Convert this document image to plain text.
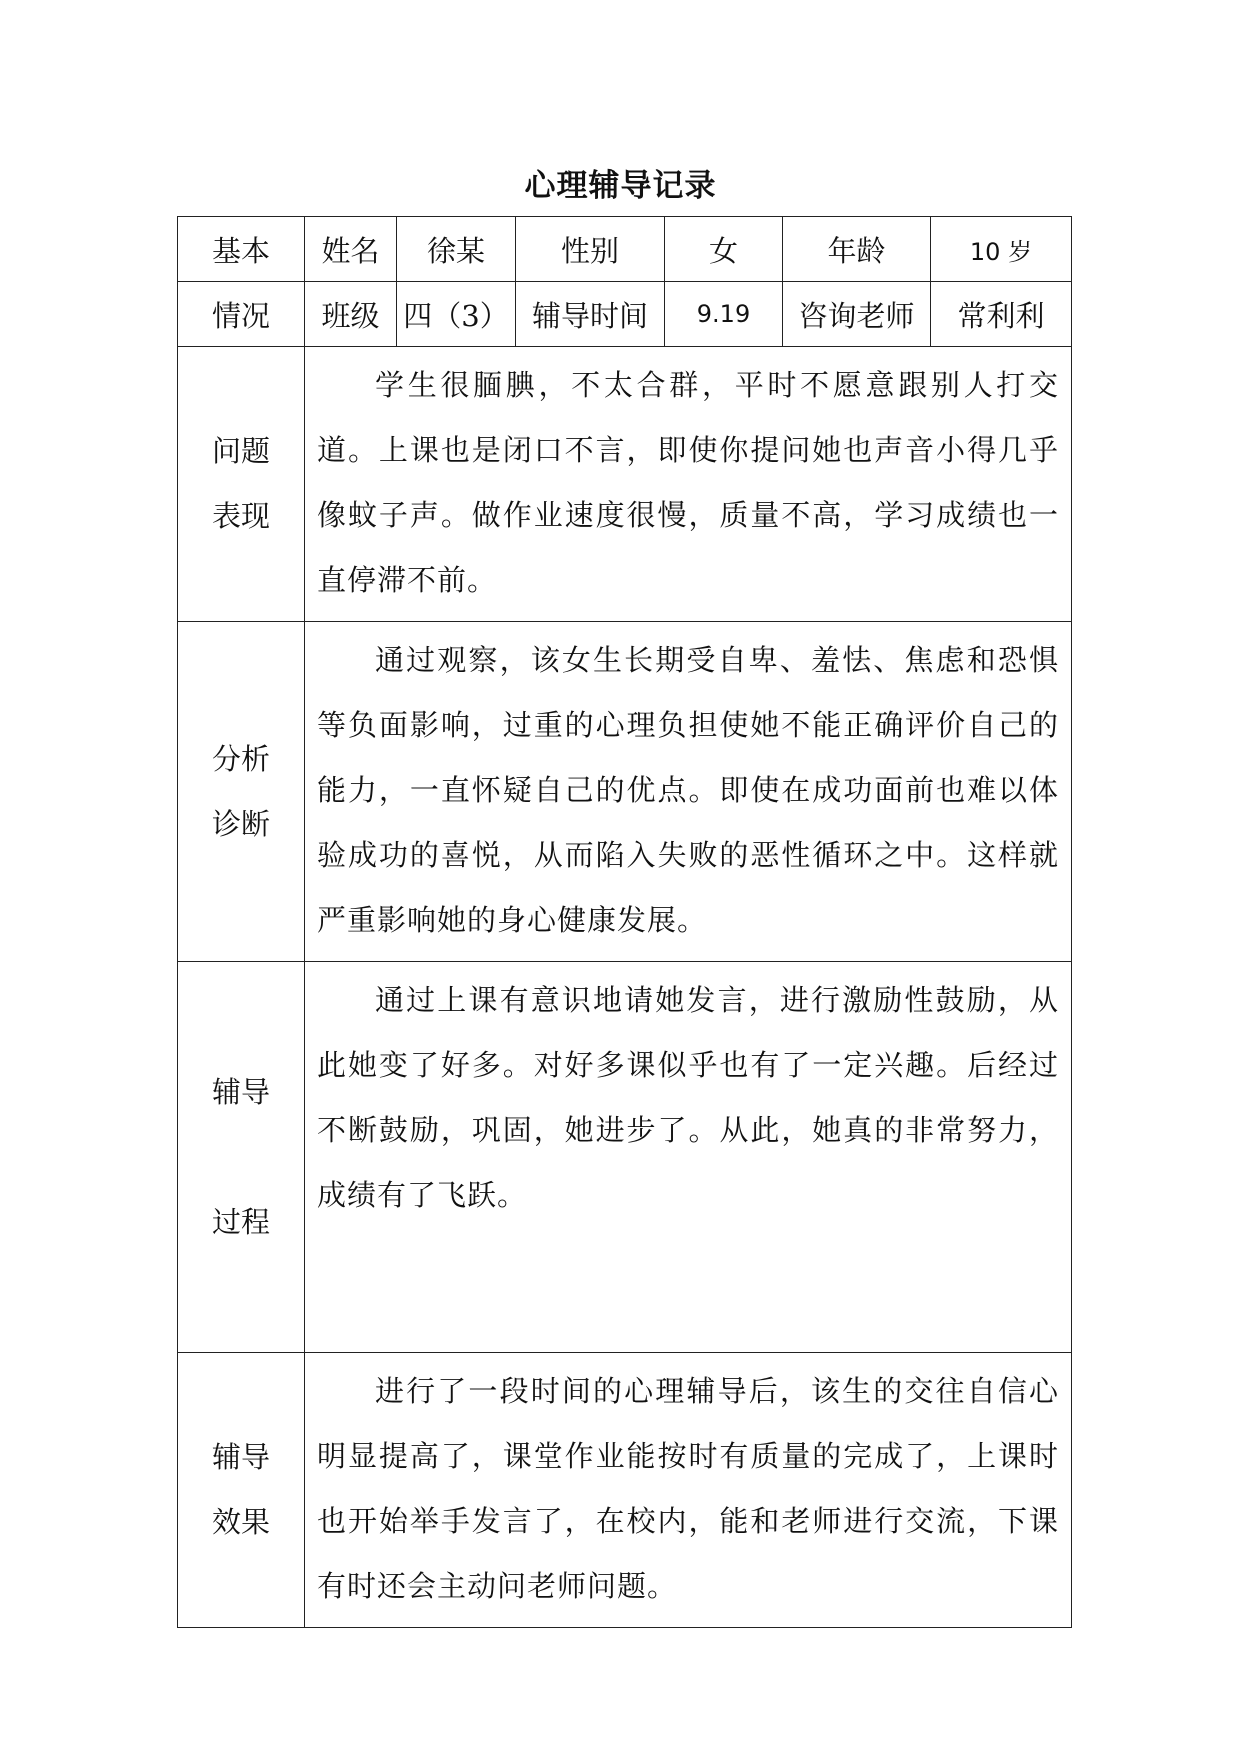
心理辅导记录
基本	姓名	徐某	性别	女	年龄	10 岁
情况	班级	四（3）	辅导时间	9.19	咨询老师	常利利

问题
表现	学生很腼腆，不太合群，平时不愿意跟别人打交道。上课也是闭口不言，即使你提问她也声音小得几乎像蚊子声。做作业速度很慢，质量不高，学习成绩也一直停滞不前。					

分析
诊断	通过观察，该女生长期受自卑、羞怯、焦虑和恐惧等负面影响，过重的心理负担使她不能正确评价自己的能力，一直怀疑自己的优点。即使在成功面前也难以体验成功的喜悦，从而陷入失败的恶性循环之中。这样就严重影响她的身心健康发展。					

辅导
过程	通过上课有意识地请她发言，进行激励性鼓励，从此她变了好多。对好多课似乎也有了一定兴趣。后经过不断鼓励，巩固，她进步了。从此，她真的非常努力，成绩有了飞跃。					

辅导
效果	进行了一段时间的心理辅导后，该生的交往自信心明显提高了，课堂作业能按时有质量的完成了，上课时也开始举手发言了，在校内，能和老师进行交流，下课有时还会主动问老师问题。					
